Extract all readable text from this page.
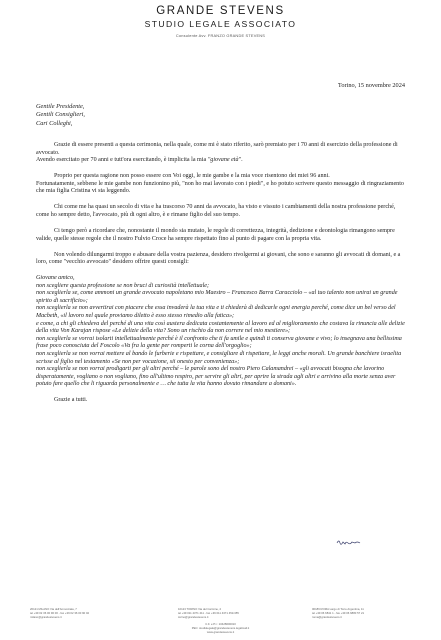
GRANDE STEVENS
STUDIO LEGALE ASSOCIATO
Consulente Avv. FRANZO GRANDE STEVENS
Torino, 15 novembre 2024
Gentile Presidente,
Gentili Consiglieri,
Cari Colleghi,

Grazie di essere presenti a questa cerimonia, nella quale, come mi è stato riferito, sarò premiato per i 70 anni di esercizio della professione di avvocato.
Avendo esercitato per 70 anni e tutt'ora esercitando, è implicita la mia "giovane età".

Proprio per questa ragione non posso essere con Voi oggi, le mie gambe e la mia voce risentono dei miei 96 anni.
Fortunatamente, sebbene le mie gambe non funzionino più, "non ho mai lavorato con i piedi", e ho potuto scrivere questo messaggio di ringraziamento che mia figlia Cristina vi sta leggendo.

Chi come me ha quasi un secolo di vita e ha trascorso 70 anni da avvocato, ha visto e vissuto i cambiamenti della nostra professione perché, come ho sempre detto, l'avvocato, più di ogni altro, è e rimane figlio del suo tempo.

Ci tengo però a ricordare che, nonostante il mondo sia mutato, le regole di correttezza, integrità, dedizione e deontologia rimangono sempre valide, quelle stesse regole che il nostro Fulvio Croce ha sempre rispettato fino al punto di pagare con la propria vita.

Non volendo dilungarmi troppo e abusare della vostra pazienza, desidero rivolgermi ai giovani, che sono e saranno gli avvocati di domani, e a loro, come "vecchio avvocato" desidero offrire questi consigli:

Giovane amico,

non scegliere questa professione se non bruci di curiosità intellettuale;

non sceglierla se, come ammoni un grande avvocato napoletano mio Maestro – Francesco Barra Caracciolo – «al tuo talento non unirai un grande spirito di sacrificio»;

non sceglierla se non avvertirai con piacere che essa invaderà la tua vita e ti chiederà di dedicarle ogni energia perché, come dice un bel verso del Macbeth, «il lavoro nel quale proviamo diletto è esso stesso rimedio alla fatica»;

e come, a chi gli chiedeva del perché di una vita così austera dedicata costantemente al lavoro ed al miglioramento che costava la rinuncia alle delizie della vita Von Karajan rispose «Le delizie della vita? Sono un rischio da non correre nel mio mestiere»;

non sceglierla se vorrai isolarti intellettualmente perché è il confronto che ti fa umile e quindi ti conserva giovane e vivo; lo insegnava una bellissima frase poco conosciuta del Foscolo «Va fra la gente per romperti le corna dell'orgoglio»;

non sceglierla se non vorrai mettere al bando le furberie e rispettare, e consigliare di rispettare, le leggi anche morali. Un grande banchiere israelita scrisse al figlio nel testamento «Se non per vocazione, sii onesto per convenienza»;

non sceglierla se non vorrai prodigarti per gli altri perché – le parole sono del nostro Piero Calamandrei – «gli avvocati bisogna che lavorino disperatamente, vogliano o non vogliano, fino all'ultimo respiro, per servire gli altri, per aprire la strada agli altri e arrivino alla morte senza aver potuto fare quello che li riguarda personalmente e … che tutta la vita hanno dovuto rimandare a domani».

Grazie a tutti.

20121 MILANO Via dell'Annunciata, 7
tel +39 02 36 00 90 00 - fax +39 02 36 00 90 02
milano@grandestevens.it
10123 TORINO Via del Carmine, 2
tel +39 011 4371 411 - fax +39 011 4371 451/455
torino@grandestevens.it
00186 ROMA Largo di Torre Argentina, 11
tel +39 06 6841 1 - fax +39 06 6880 57 21
roma@grandestevens.it
C.F. e P.I.: 10428000010
PEC: studiolegale@grandestevens.legalmail.it
www.grandestevens.it
